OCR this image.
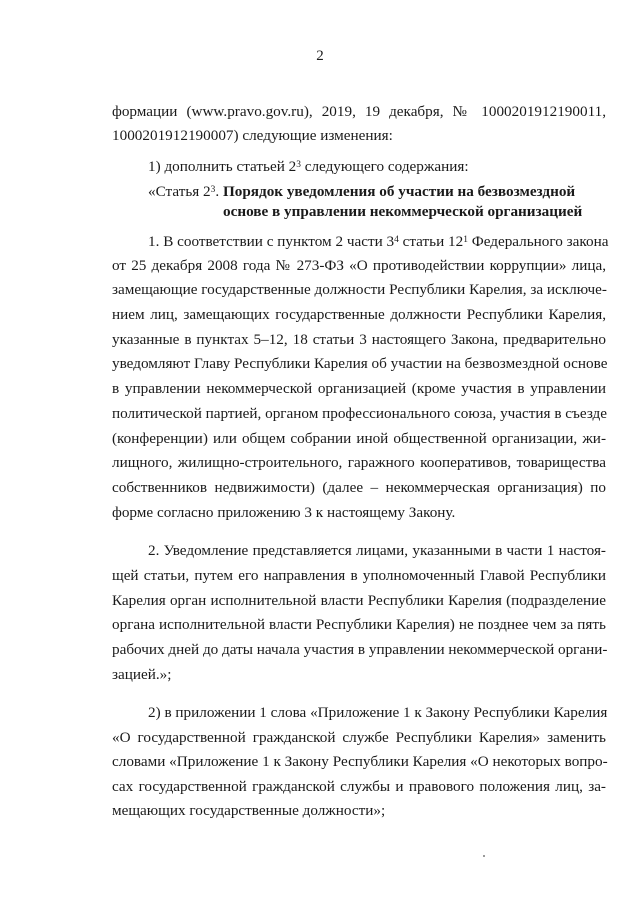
2
формации (www.pravo.gov.ru), 2019, 19 декабря, № 1000201912190011,
1000201912190007) следующие изменения:
1) дополнить статьей $2^3$ следующего содержания:
«Статья $2^3$. Порядок уведомления об участии на безвозмездной
основе в управлении некоммерческой организацией
1. В соответствии с пунктом 2 части $3^4$ статьи $12^1$ Федерального закона
от 25 декабря 2008 года № 273-ФЗ «О противодействии коррупции» лица,
замещающие государственные должности Республики Карелия, за исключе-
нием лиц, замещающих государственные должности Республики Карелия,
указанные в пунктах 5–12, 18 статьи 3 настоящего Закона, предварительно
уведомляют Главу Республики Карелия об участии на безвозмездной основе
в управлении некоммерческой организацией (кроме участия в управлении
политической партией, органом профессионального союза, участия в съезде
(конференции) или общем собрании иной общественной организации, жи-
лищного, жилищно-строительного, гаражного кооперативов, товарищества
собственников недвижимости) (далее – некоммерческая организация) по
форме согласно приложению 3 к настоящему Закону.
2. Уведомление представляется лицами, указанными в части 1 настоя-
щей статьи, путем его направления в уполномоченный Главой Республики
Карелия орган исполнительной власти Республики Карелия (подразделение
органа исполнительной власти Республики Карелия) не позднее чем за пять
рабочих дней до даты начала участия в управлении некоммерческой органи-
зацией.»;
2) в приложении 1 слова «Приложение 1 к Закону Республики Карелия
«О государственной гражданской службе Республики Карелия» заменить
словами «Приложение 1 к Закону Республики Карелия «О некоторых вопро-
сах государственной гражданской службы и правового положения лиц, за-
мещающих государственные должности»;
